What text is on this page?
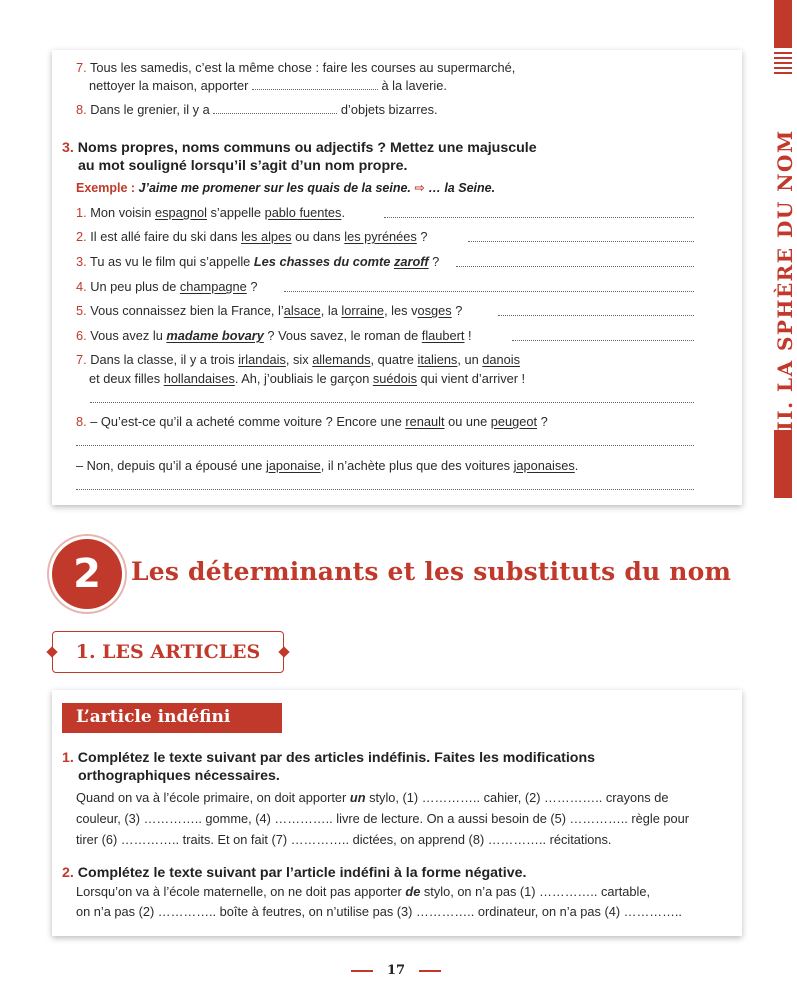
II. LA SPHÈRE DU NOM
7. Tous les samedis, c’est la même chose : faire les courses au supermarché,
nettoyer la maison, apporter	à la laverie.
8. Dans le grenier, il y a	d’objets bizarres.
3. Noms propres, noms communs ou adjectifs ? Mettez une majuscule
au mot souligné lorsqu’il s’agit d’un nom propre.
Exemple : J’aime me promener sur les quais de la seine. ⇨ … la Seine.
1. Mon voisin espagnol s’appelle pablo fuentes.
2. Il est allé faire du ski dans les alpes ou dans les pyrénées ?
3. Tu as vu le film qui s’appelle Les chasses du comte zaroff ?
4. Un peu plus de champagne ?
5. Vous connaissez bien la France, l’alsace, la lorraine, les vosges ?
6. Vous avez lu madame bovary ? Vous savez, le roman de flaubert !
7. Dans la classe, il y a trois irlandais, six allemands, quatre italiens, un danois
et deux filles hollandaises. Ah, j’oubliais le garçon suédois qui vient d’arriver !
8. – Qu’est-ce qu’il a acheté comme voiture ? Encore une renault ou une peugeot ?
– Non, depuis qu’il a épousé une japonaise, il n’achète plus que des voitures japonaises.
2	Les déterminants et les substituts du nom
1. LES ARTICLES
1. Complétez le texte suivant par des articles indéfinis. Faites les modifications
orthographiques nécessaires.
Quand on va à l’école primaire, on doit apporter un stylo, (1) ………….. cahier, (2) ………….. crayons de
couleur, (3) ………….. gomme, (4) ………….. livre de lecture. On a aussi besoin de (5) ………….. règle pour
tirer (6) ………….. traits. Et on fait (7) ………….. dictées, on apprend (8) ………….. récitations.
2. Complétez le texte suivant par l’article indéfini à la forme négative.
Lorsqu’on va à l’école maternelle, on ne doit pas apporter de stylo, on n’a pas (1) ………….. cartable,
on n’a pas (2) ………….. boîte à feutres, on n’utilise pas (3) ………….. ordinateur, on n’a pas (4) …………..
L’article indéfini
17
